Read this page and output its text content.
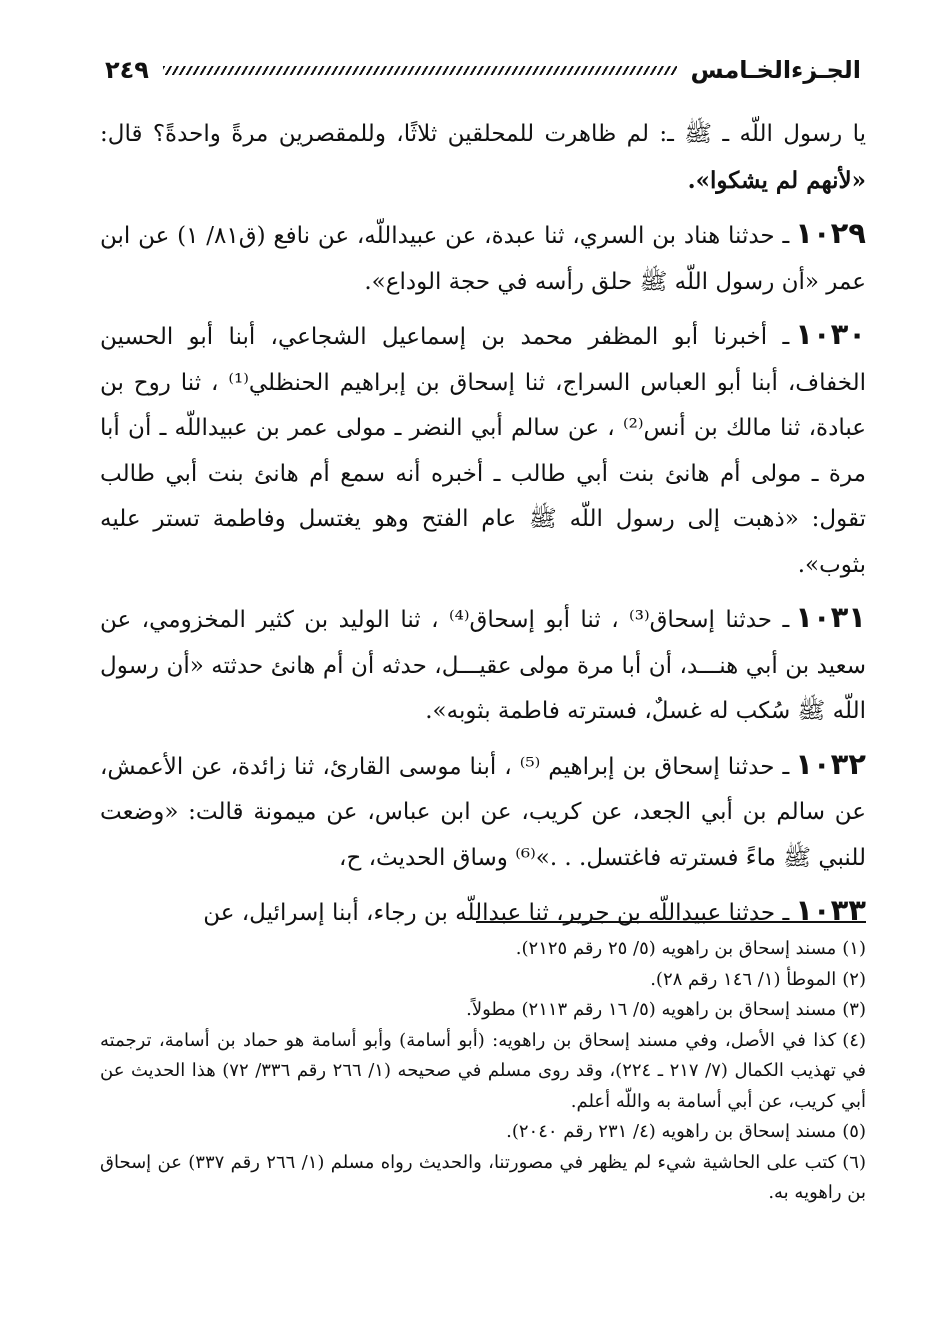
الجـزءالخـامس
٢٤٩

يا رسول اللّه ـ ﷺ ـ: لم ظاهرت للمحلقين ثلاثًا، وللمقصرين مرةً واحدةً؟ قال: «لأنهم لم يشكوا».

١٠٢٩ـ حدثنا هناد بن السري، ثنا عبدة، عن عبيداللّه، عن نافع (ق٨١/ ١) عن ابن عمر «أن رسول اللّه ﷺ حلق رأسه في حجة الوداع».

١٠٣٠ـ أخبرنا أبو المظفر محمد بن إسماعيل الشجاعي، أبنا أبو الحسين الخفاف، أبنا أبو العباس السراج، ثنا إسحاق بن إبراهيم الحنظلي⁽¹⁾ ، ثنا روح بن عبادة، ثنا مالك بن أنس⁽²⁾ ، عن سالم أبي النضر ـ مولى عمر بن عبيداللّه ـ أن أبا مرة ـ مولى أم هانئ بنت أبي طالب ـ أخبره أنه سمع أم هانئ بنت أبي طالب تقول: «ذهبت إلى رسول اللّه ﷺ عام الفتح وهو يغتسل وفاطمة تستر عليه بثوب».

١٠٣١ـ حدثنا إسحاق⁽³⁾ ، ثنا أبو إسحاق⁽⁴⁾ ، ثنا الوليد بن كثير المخزومي، عن سعيد بن أبي هنـــد، أن أبا مرة مولى عقيـــل، حدثه أن أم هانئ حدثته «أن رسول اللّه ﷺ سُكب له غسلٌ، فسترته فاطمة بثوبه».

١٠٣٢ـ حدثنا إسحاق بن إبراهيم ⁽⁵⁾ ، أبنا موسى القارئ، ثنا زائدة، عن الأعمش، عن سالم بن أبي الجعد، عن كريب، عن ابن عباس، عن ميمونة قالت: «وضعت للنبي ﷺ ماءً فسترته فاغتسل. . .»⁽⁶⁾ وساق الحديث، ح،

١٠٣٣ـ حدثنا عبيداللّه بن جرير، ثنا عبداللّه بن رجاء، أبنا إسرائيل، عن

(١)مسند إسحاق بن راهويه (٥/ ٢٥ رقم ٢١٢٥).

(٢)الموطأ (١/ ١٤٦ رقم ٢٨).

(٣)مسند إسحاق بن راهويه (٥/ ١٦ رقم ٢١١٣) مطولاً.

(٤)كذا في الأصل، وفي مسند إسحاق بن راهويه: (أبو أسامة) وأبو أسامة هو حماد بن أسامة، ترجمته في تهذيب الكمال (٧/ ٢١٧ ـ ٢٢٤)، وقد روى مسلم في صحيحه (١/ ٢٦٦ رقم ٣٣٦/ ٧٢) هذا الحديث عن أبي كريب، عن أبي أسامة به واللّه أعلم.

(٥)مسند إسحاق بن راهويه (٤/ ٢٣١ رقم ٢٠٤٠).

(٦)كتب على الحاشية شيء لم يظهر في مصورتنا، والحديث رواه مسلم (١/ ٢٦٦ رقم ٣٣٧) عن إسحاق بن راهويه به.
